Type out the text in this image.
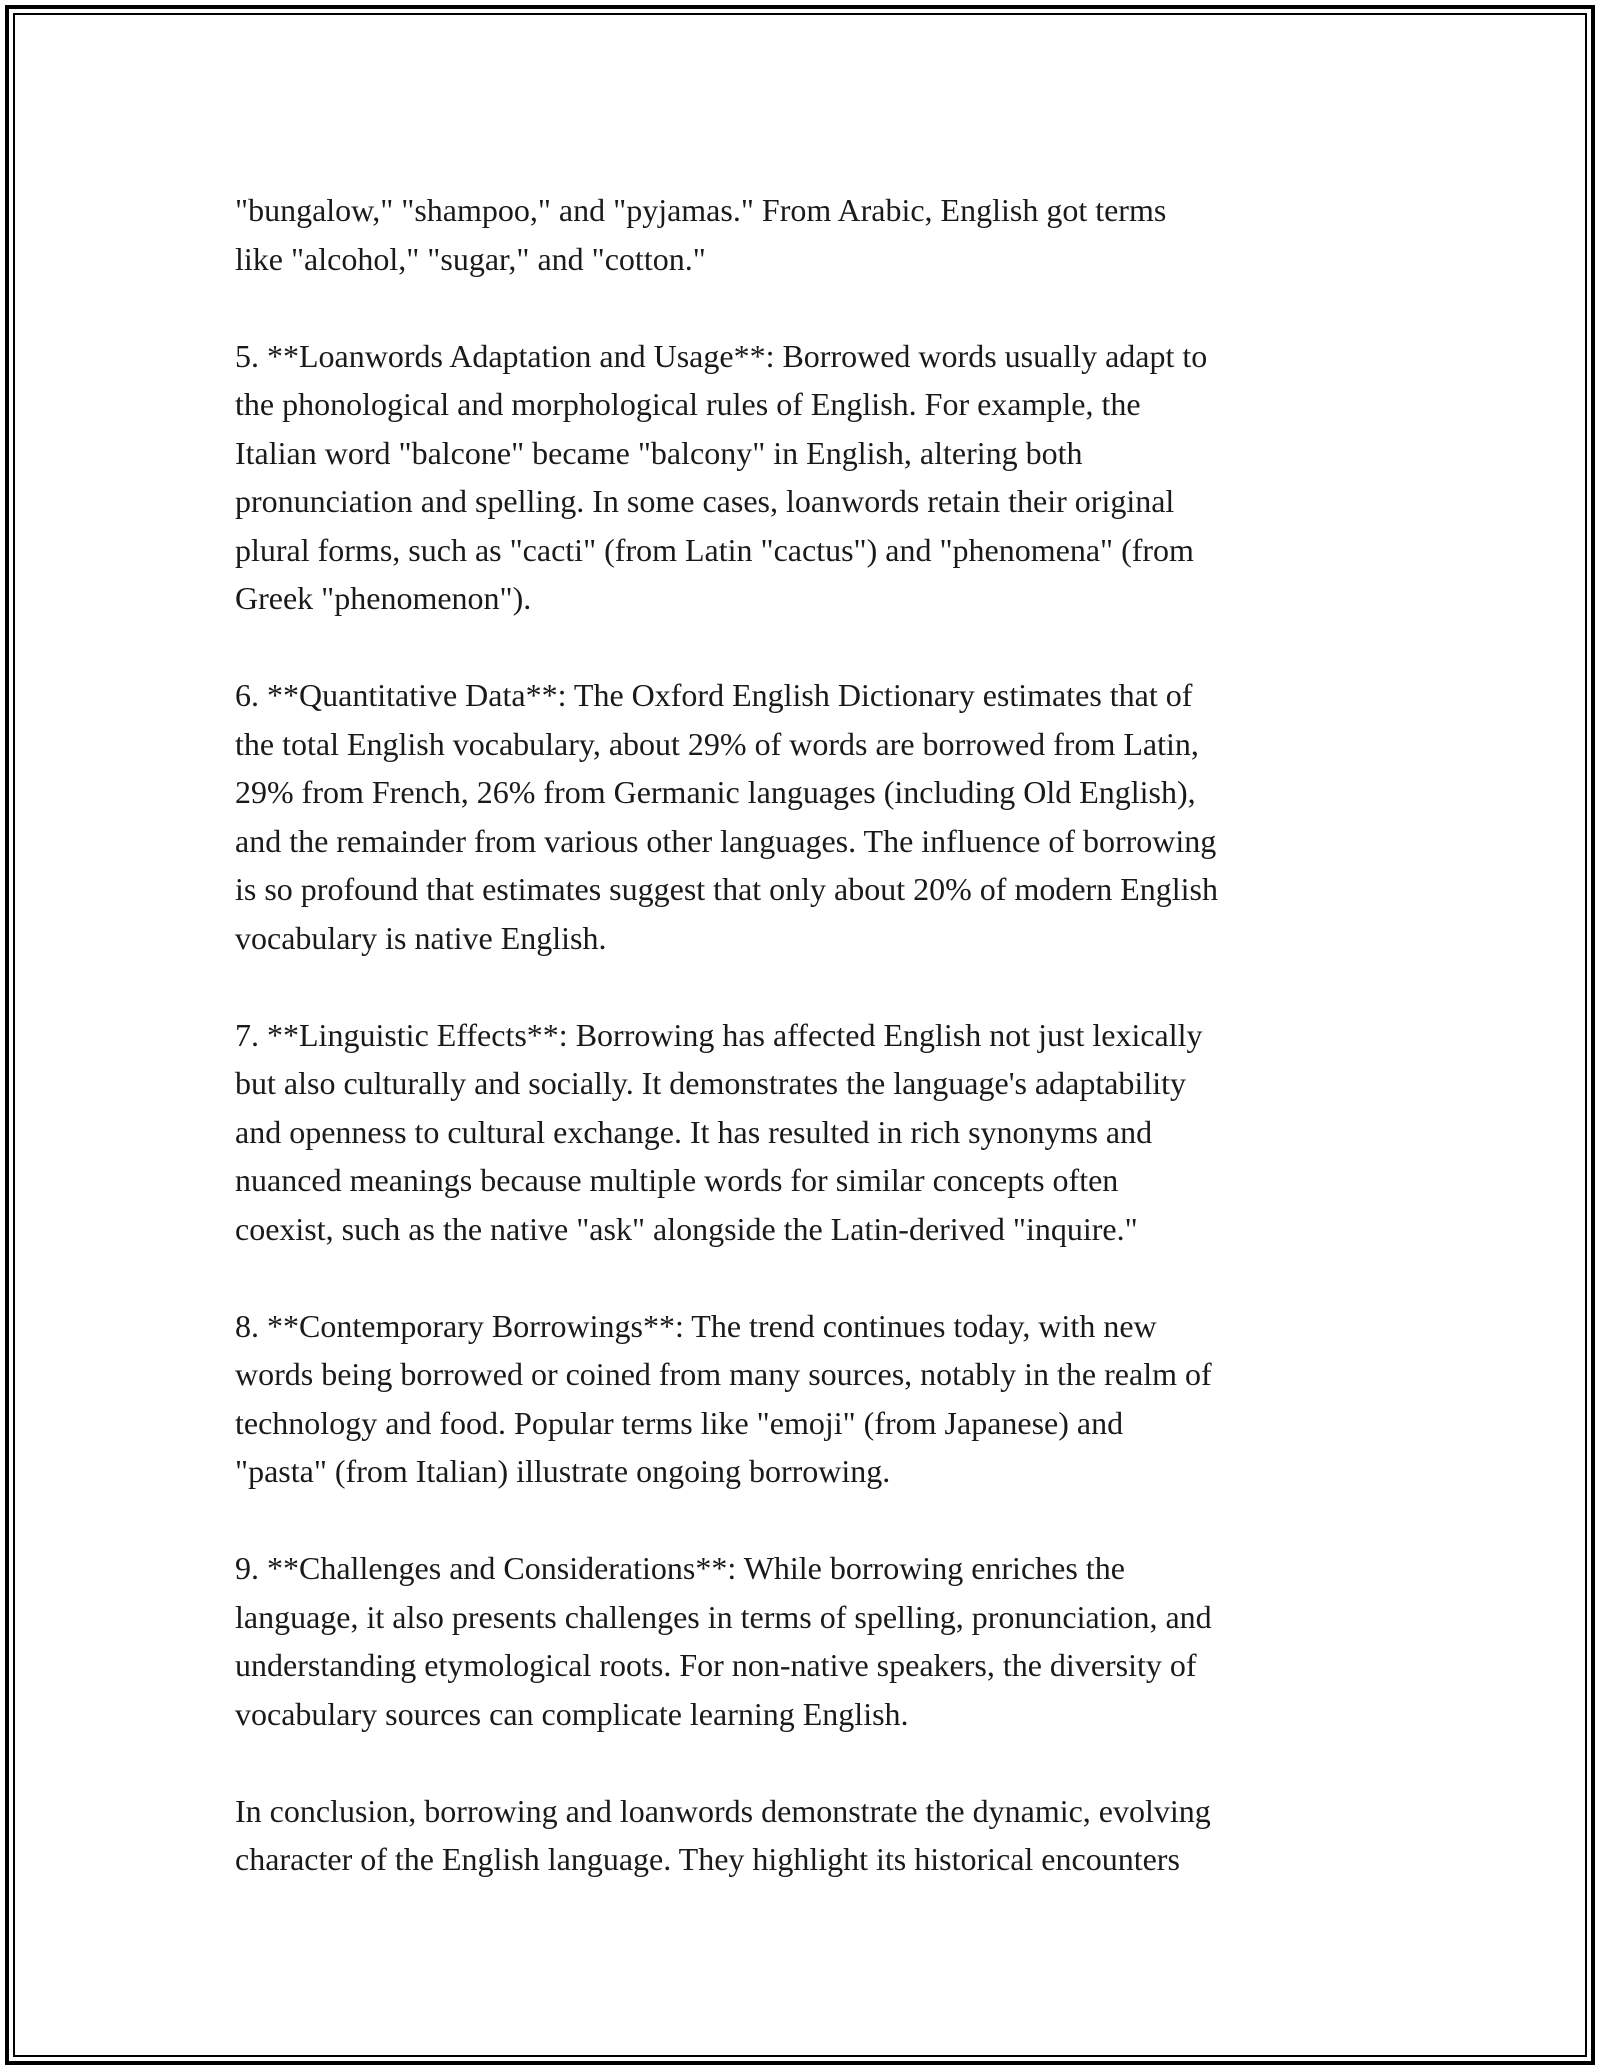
"bungalow," "shampoo," and "pyjamas." From Arabic, English got terms
like "alcohol," "sugar," and "cotton."

5. **Loanwords Adaptation and Usage**: Borrowed words usually adapt to
the phonological and morphological rules of English. For example, the
Italian word "balcone" became "balcony" in English, altering both
pronunciation and spelling. In some cases, loanwords retain their original
plural forms, such as "cacti" (from Latin "cactus") and "phenomena" (from
Greek "phenomenon").

6. **Quantitative Data**: The Oxford English Dictionary estimates that of
the total English vocabulary, about 29% of words are borrowed from Latin,
29% from French, 26% from Germanic languages (including Old English),
and the remainder from various other languages. The influence of borrowing
is so profound that estimates suggest that only about 20% of modern English
vocabulary is native English.

7. **Linguistic Effects**: Borrowing has affected English not just lexically
but also culturally and socially. It demonstrates the language's adaptability
and openness to cultural exchange. It has resulted in rich synonyms and
nuanced meanings because multiple words for similar concepts often
coexist, such as the native "ask" alongside the Latin-derived "inquire."

8. **Contemporary Borrowings**: The trend continues today, with new
words being borrowed or coined from many sources, notably in the realm of
technology and food. Popular terms like "emoji" (from Japanese) and
"pasta" (from Italian) illustrate ongoing borrowing.

9. **Challenges and Considerations**: While borrowing enriches the
language, it also presents challenges in terms of spelling, pronunciation, and
understanding etymological roots. For non-native speakers, the diversity of
vocabulary sources can complicate learning English.

In conclusion, borrowing and loanwords demonstrate the dynamic, evolving
character of the English language. They highlight its historical encounters
